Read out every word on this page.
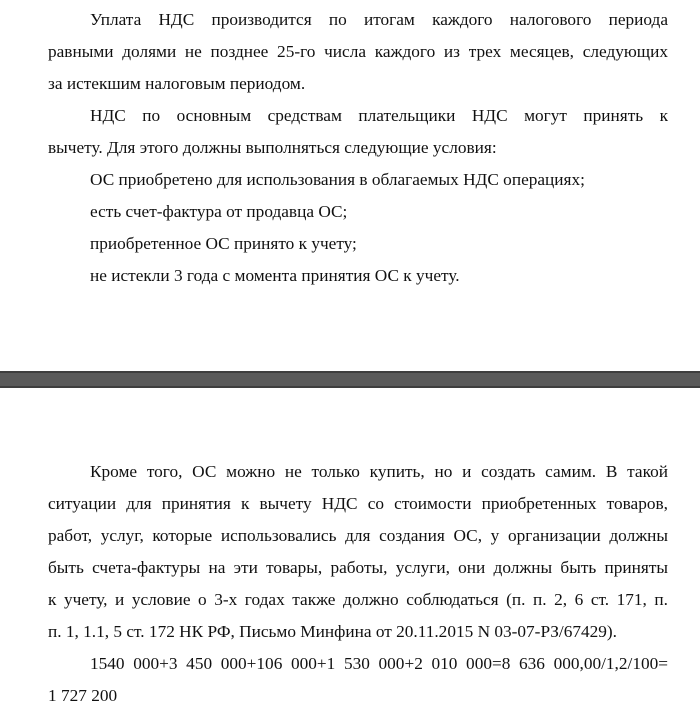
Уплата НДС производится по итогам каждого налогового периода
равными долями не позднее 25-го числа каждого из трех месяцев, следующих
за истекшим налоговым периодом.

НДС по основным средствам плательщики НДС могут принять к
вычету. Для этого должны выполняться следующие условия:

ОС приобретено для использования в облагаемых НДС операциях;

есть счет-фактура от продавца ОС;

приобретенное ОС принято к учету;

не истекли 3 года с момента принятия ОС к учету.

Кроме того, ОС можно не только купить, но и создать самим. В такой
ситуации для принятия к вычету НДС со стоимости приобретенных товаров,
работ, услуг, которые использовались для создания ОС, у организации должны
быть счета-фактуры на эти товары, работы, услуги, они должны быть приняты
к учету, и условие о 3-х годах также должно соблюдаться (п. п. 2, 6 ст. 171, п.
п. 1, 1.1, 5 ст. 172 НК РФ, Письмо Минфина от 20.11.2015 N 03-07-РЗ/67429).

1540 000+3 450 000+106 000+1 530 000+2 010 000=8 636 000,00/1,2/100=
1 727 200
